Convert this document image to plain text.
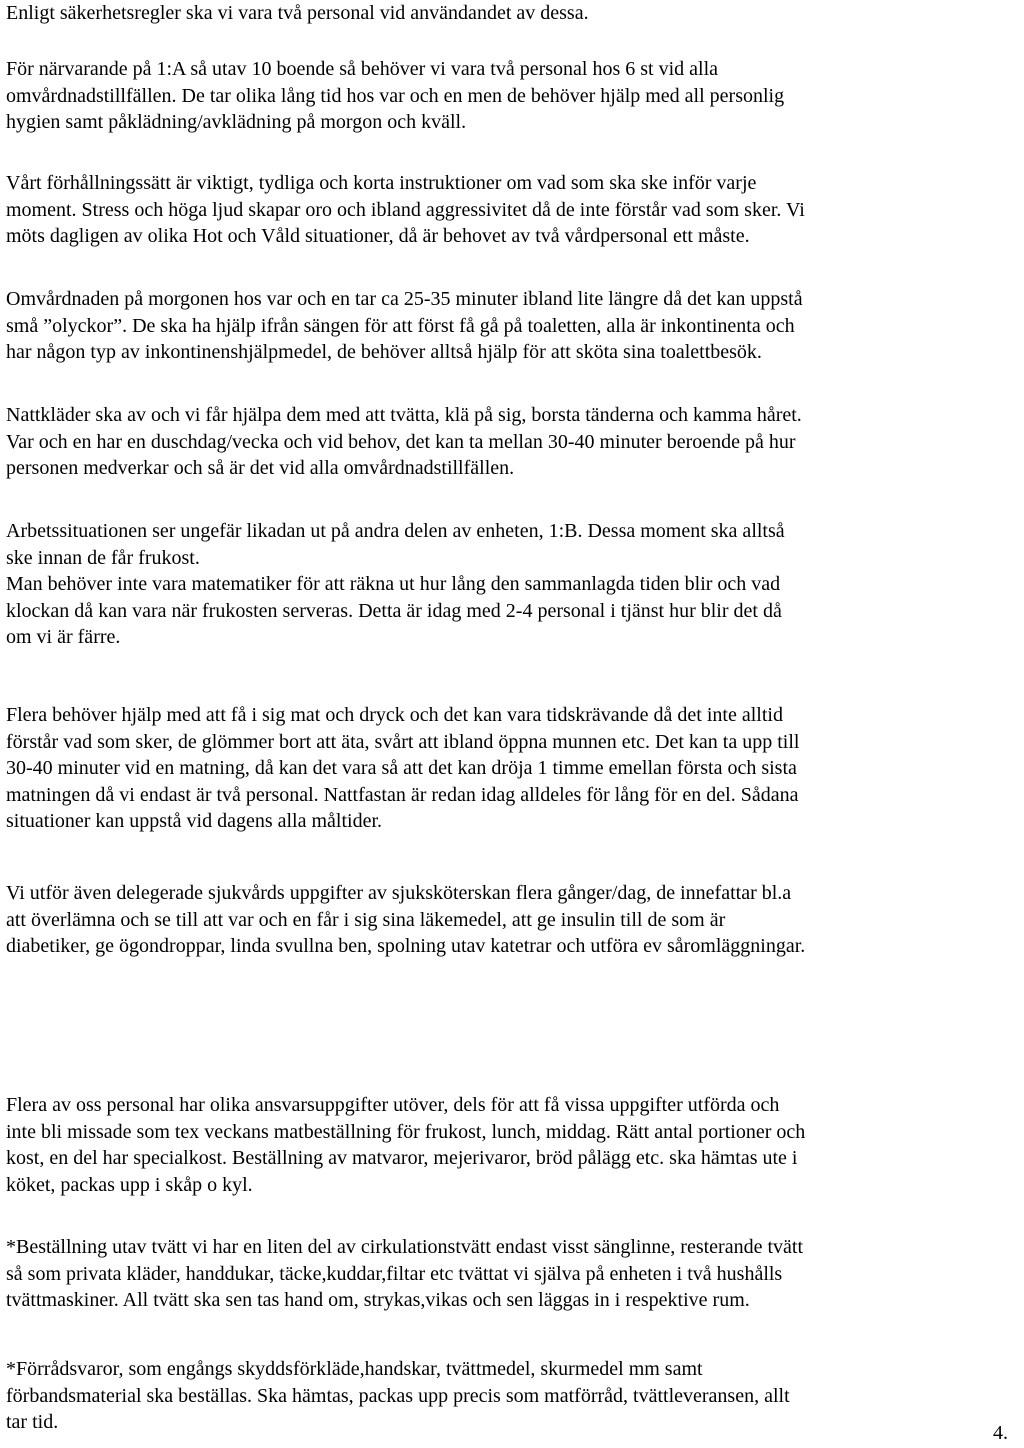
Enligt säkerhetsregler ska vi vara två personal vid användandet av dessa.

För närvarande på 1:A så utav 10 boende så behöver vi vara två personal hos 6 st vid alla
omvårdnadstillfällen. De tar olika lång tid hos var och en men de behöver hjälp med all personlig
hygien samt påklädning/avklädning på morgon och kväll.

Vårt förhållningssätt är viktigt, tydliga och korta instruktioner om vad som ska ske inför varje
moment. Stress och höga ljud skapar oro och ibland aggressivitet då de inte förstår vad som sker. Vi
möts dagligen av olika Hot och Våld situationer, då är behovet av två vårdpersonal ett måste.

Omvårdnaden på morgonen hos var och en tar ca 25-35 minuter ibland lite längre då det kan uppstå
små ”olyckor”. De ska ha hjälp ifrån sängen för att först få gå på toaletten, alla är inkontinenta och
har någon typ av inkontinenshjälpmedel, de behöver alltså hjälp för att sköta sina toalettbesök.

Nattkläder ska av och vi får hjälpa dem med att tvätta, klä på sig, borsta tänderna och kamma håret.
Var och en har en duschdag/vecka och vid behov, det kan ta mellan 30-40 minuter beroende på hur
personen medverkar och så är det vid alla omvårdnadstillfällen.

Arbetssituationen ser ungefär likadan ut på andra delen av enheten, 1:B. Dessa moment ska alltså
ske innan de får frukost.
Man behöver inte vara matematiker för att räkna ut hur lång den sammanlagda tiden blir och vad
klockan då kan vara när frukosten serveras. Detta är idag med 2-4 personal i tjänst hur blir det då
om vi är färre.

Flera behöver hjälp med att få i sig mat och dryck och det kan vara tidskrävande då det inte alltid
förstår vad som sker, de glömmer bort att äta, svårt att ibland öppna munnen etc. Det kan ta upp till
30-40 minuter vid en matning, då kan det vara så att det kan dröja 1 timme emellan första och sista
matningen då vi endast är två personal. Nattfastan är redan idag alldeles för lång för en del. Sådana
situationer kan uppstå vid dagens alla måltider.

Vi utför även delegerade sjukvårds uppgifter av sjuksköterskan flera gånger/dag, de innefattar bl.a
att överlämna och se till att var och en får i sig sina läkemedel, att ge insulin till de som är
diabetiker, ge ögondroppar, linda svullna ben, spolning utav katetrar och utföra ev såromläggningar.

Flera av oss personal har olika ansvarsuppgifter utöver, dels för att få vissa uppgifter utförda och
inte bli missade som tex veckans matbeställning för frukost, lunch, middag. Rätt antal portioner och
kost, en del har specialkost. Beställning av matvaror, mejerivaror, bröd pålägg etc. ska hämtas ute i
köket, packas upp i skåp o kyl.

*Beställning utav tvätt vi har en liten del av cirkulationstvätt endast visst sänglinne, resterande tvätt
så som privata kläder, handdukar, täcke,kuddar,filtar etc tvättat vi själva på enheten i två hushålls
tvättmaskiner. All tvätt ska sen tas hand om, strykas,vikas och sen läggas in i respektive rum.

*Förrådsvaror, som engångs skyddsförkläde,handskar, tvättmedel, skurmedel mm samt
förbandsmaterial ska beställas. Ska hämtas, packas upp precis som matförråd, tvättleveransen, allt
tar tid.	4.
